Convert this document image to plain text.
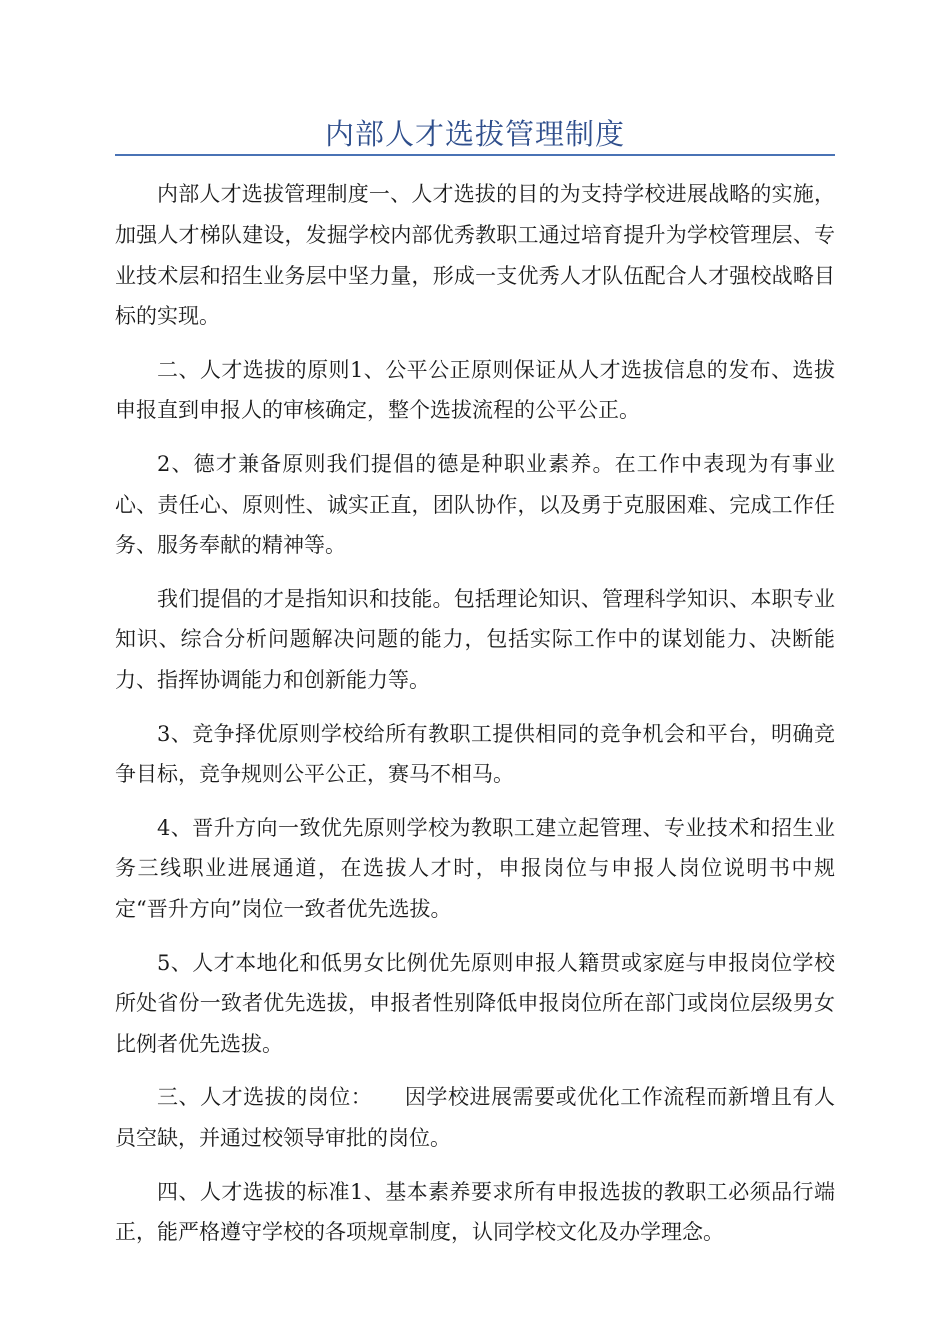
内部人才选拔管理制度

内部人才选拔管理制度一、人才选拔的目的为支持学校进展战略的实施，加强人才梯队建设，发掘学校内部优秀教职工通过培育提升为学校管理层、专业技术层和招生业务层中坚力量，形成一支优秀人才队伍配合人才强校战略目标的实现。

二、人才选拔的原则1、公平公正原则保证从人才选拔信息的发布、选拔申报直到申报人的审核确定，整个选拔流程的公平公正。

2、德才兼备原则我们提倡的德是种职业素养。在工作中表现为有事业心、责任心、原则性、诚实正直，团队协作，以及勇于克服困难、完成工作任务、服务奉献的精神等。

我们提倡的才是指知识和技能。包括理论知识、管理科学知识、本职专业知识、综合分析问题解决问题的能力，包括实际工作中的谋划能力、决断能力、指挥协调能力和创新能力等。

3、竞争择优原则学校给所有教职工提供相同的竞争机会和平台，明确竞争目标，竞争规则公平公正，赛马不相马。

4、晋升方向一致优先原则学校为教职工建立起管理、专业技术和招生业务三线职业进展通道，在选拔人才时，申报岗位与申报人岗位说明书中规定“晋升方向”岗位一致者优先选拔。

5、人才本地化和低男女比例优先原则申报人籍贯或家庭与申报岗位学校所处省份一致者优先选拔，申报者性别降低申报岗位所在部门或岗位层级男女比例者优先选拔。

三、人才选拔的岗位：　　因学校进展需要或优化工作流程而新增且有人员空缺，并通过校领导审批的岗位。

四、人才选拔的标准1、基本素养要求所有申报选拔的教职工必须品行端正，能严格遵守学校的各项规章制度，认同学校文化及办学理念。
